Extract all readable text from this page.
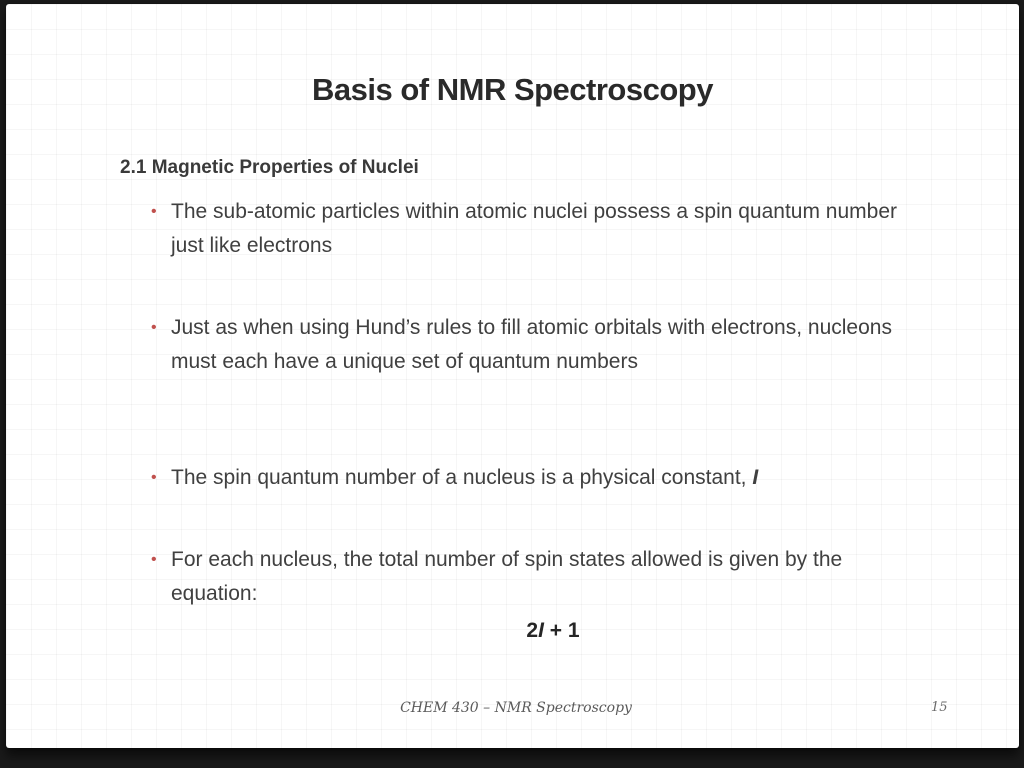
Basis of NMR Spectroscopy
2.1 Magnetic Properties of Nuclei
• The sub-atomic particles within atomic nuclei possess a spin quantum number just like electrons
• Just as when using Hund’s rules to fill atomic orbitals with electrons, nucleons must each have a unique set of quantum numbers
• The spin quantum number of a nucleus is a physical constant, I
• For each nucleus, the total number of spin states allowed is given by the equation:
2I + 1
CHEM 430 – NMR Spectroscopy	15
